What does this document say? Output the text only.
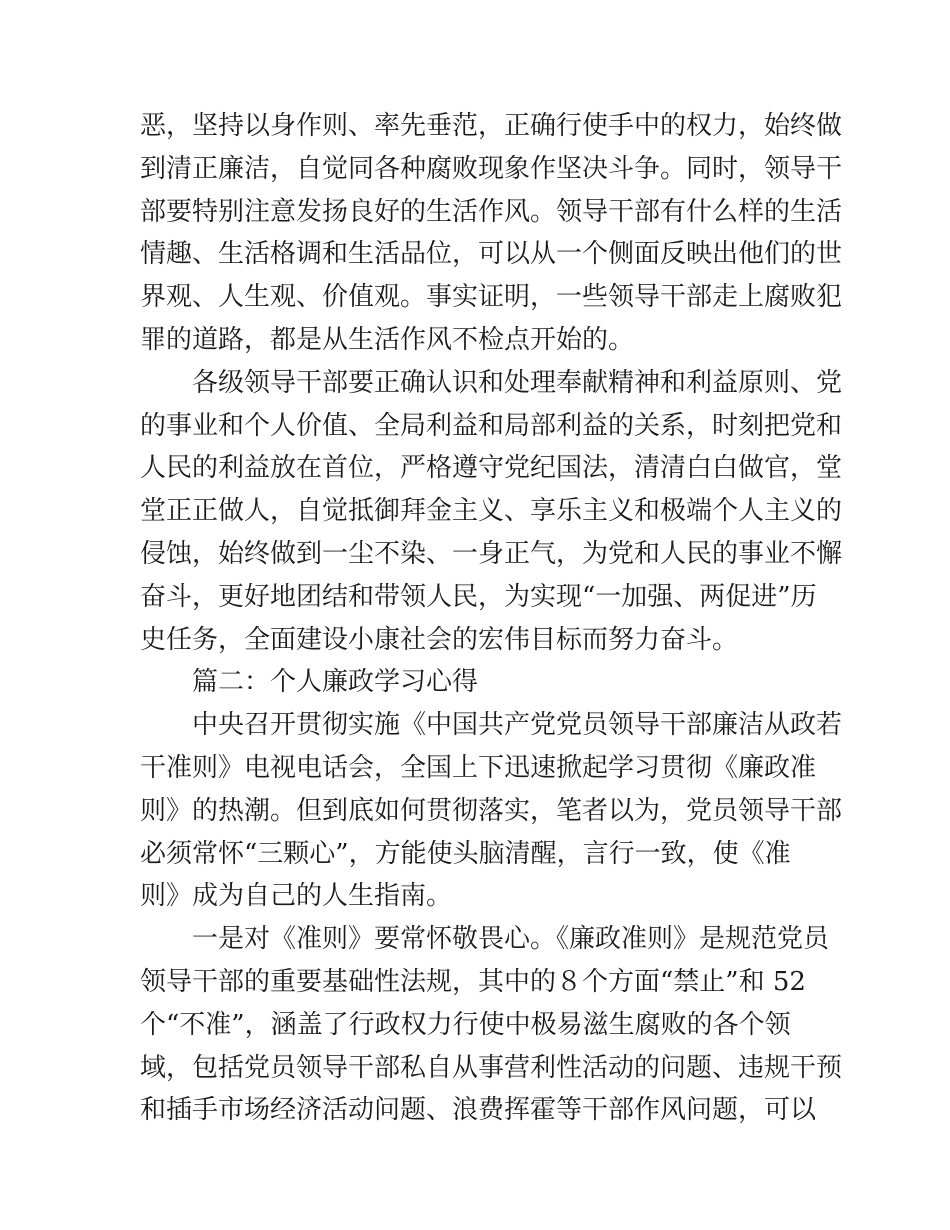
恶，坚持以身作则、率先垂范，正确行使手中的权力，始终做
到清正廉洁，自觉同各种腐败现象作坚决斗争。同时，领导干
部要特别注意发扬良好的生活作风。领导干部有什么样的生活
情趣、生活格调和生活品位，可以从一个侧面反映出他们的世
界观、人生观、价值观。事实证明，一些领导干部走上腐败犯
罪的道路，都是从生活作风不检点开始的。
各级领导干部要正确认识和处理奉献精神和利益原则、党
的事业和个人价值、全局利益和局部利益的关系，时刻把党和
人民的利益放在首位，严格遵守党纪国法，清清白白做官，堂
堂正正做人，自觉抵御拜金主义、享乐主义和极端个人主义的
侵蚀，始终做到一尘不染、一身正气，为党和人民的事业不懈
奋斗，更好地团结和带领人民，为实现“一加强、两促进”历
史任务，全面建设小康社会的宏伟目标而努力奋斗。
篇二：个人廉政学习心得
中央召开贯彻实施《中国共产党党员领导干部廉洁从政若
干准则》电视电话会，全国上下迅速掀起学习贯彻《廉政准
则》的热潮。但到底如何贯彻落实，笔者以为，党员领导干部
必须常怀“三颗心”，方能使头脑清醒，言行一致，使《准
则》成为自己的人生指南。
一是对《准则》要常怀敬畏心。《廉政准则》是规范党员
领导干部的重要基础性法规，其中的８个方面“禁止”和 52
个“不准”，涵盖了行政权力行使中极易滋生腐败的各个领
域，包括党员领导干部私自从事营利性活动的问题、违规干预
和插手市场经济活动问题、浪费挥霍等干部作风问题，可以
